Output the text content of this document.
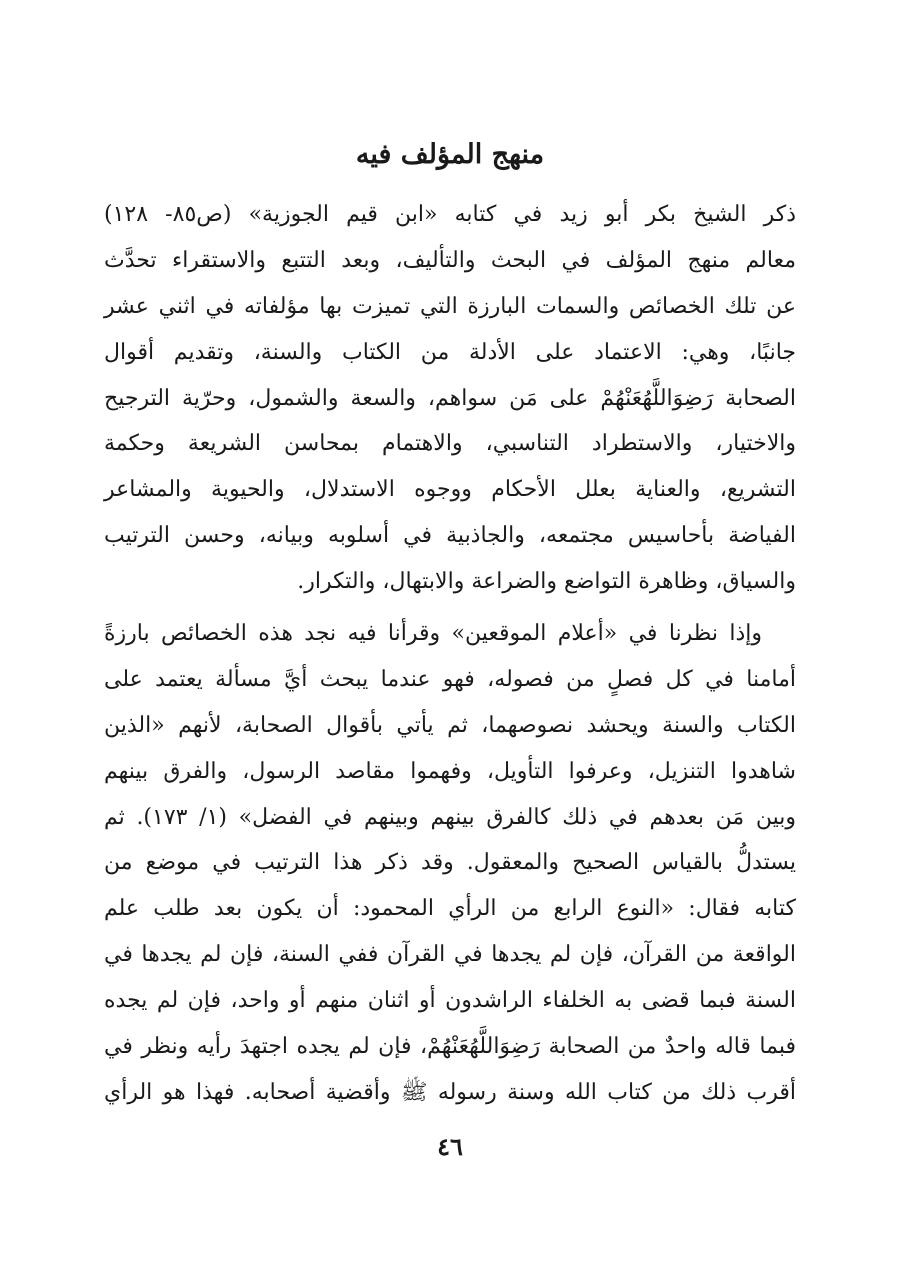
منهج المؤلف فيه
ذكر الشيخ بكر أبو زيد في كتابه «ابن قيم الجوزية» (ص٨٥- ١٢٨)
معالم منهج المؤلف في البحث والتأليف، وبعد التتبع والاستقراء تحدَّث
عن تلك الخصائص والسمات البارزة التي تميزت بها مؤلفاته في اثني عشر
جانبًا، وهي: الاعتماد على الأدلة من الكتاب والسنة، وتقديم أقوال
الصحابة رَضِوَاللَّهُعَنْهُمْ على مَن سواهم، والسعة والشمول، وحرّية الترجيح
والاختيار، والاستطراد التناسبي، والاهتمام بمحاسن الشريعة وحكمة
التشريع، والعناية بعلل الأحكام ووجوه الاستدلال، والحيوية والمشاعر
الفياضة بأحاسيس مجتمعه، والجاذبية في أسلوبه وبيانه، وحسن الترتيب
والسياق، وظاهرة التواضع والضراعة والابتهال، والتكرار.
وإذا نظرنا في «أعلام الموقعين» وقرأنا فيه نجد هذه الخصائص بارزةً
أمامنا في كل فصلٍ من فصوله، فهو عندما يبحث أيَّ مسألة يعتمد على
الكتاب والسنة ويحشد نصوصهما، ثم يأتي بأقوال الصحابة، لأنهم «الذين
شاهدوا التنزيل، وعرفوا التأويل، وفهموا مقاصد الرسول، والفرق بينهم
وبين مَن بعدهم في ذلك كالفرق بينهم وبينهم في الفضل» (١/ ١٧٣). ثم
يستدلُّ بالقياس الصحيح والمعقول. وقد ذكر هذا الترتيب في موضع من
كتابه فقال: «النوع الرابع من الرأي المحمود: أن يكون بعد طلب علم
الواقعة من القرآن، فإن لم يجدها في القرآن ففي السنة، فإن لم يجدها في
السنة فبما قضى به الخلفاء الراشدون أو اثنان منهم أو واحد، فإن لم يجده
فبما قاله واحدٌ من الصحابة رَضِوَاللَّهُعَنْهُمْ، فإن لم يجده اجتهدَ رأيه ونظر في
أقرب ذلك من كتاب الله وسنة رسوله ﷺ وأقضية أصحابه. فهذا هو الرأي
٤٦
